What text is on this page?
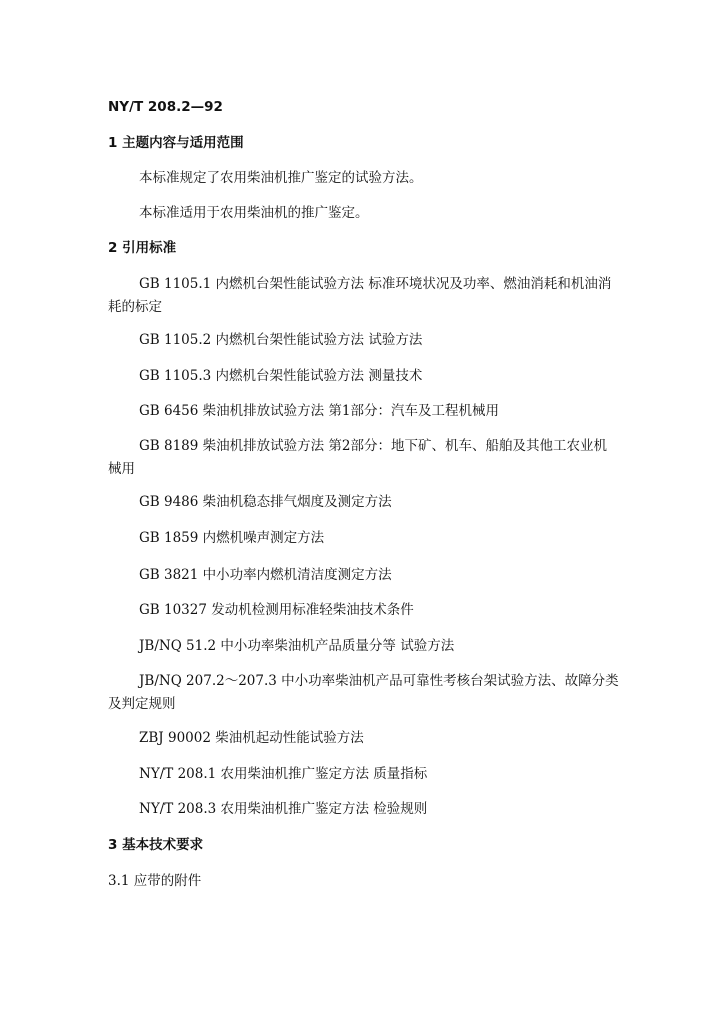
NY/T 208.2—92
1 主题内容与适用范围
本标准规定了农用柴油机推广鉴定的试验方法。
本标准适用于农用柴油机的推广鉴定。
2 引用标准
GB 1105.1 内燃机台架性能试验方法 标准环境状况及功率、燃油消耗和机油消耗的标定
GB 1105.2 内燃机台架性能试验方法 试验方法
GB 1105.3 内燃机台架性能试验方法 测量技术
GB 6456 柴油机排放试验方法 第1部分：汽车及工程机械用
GB 8189 柴油机排放试验方法 第2部分：地下矿、机车、船舶及其他工农业机械用
GB 9486 柴油机稳态排气烟度及测定方法
GB 1859 内燃机噪声测定方法
GB 3821 中小功率内燃机清洁度测定方法
GB 10327 发动机检测用标准轻柴油技术条件
JB/NQ 51.2 中小功率柴油机产品质量分等 试验方法
JB/NQ 207.2～207.3 中小功率柴油机产品可靠性考核台架试验方法、故障分类及判定规则
ZBJ 90002 柴油机起动性能试验方法
NY/T 208.1 农用柴油机推广鉴定方法 质量指标
NY/T 208.3 农用柴油机推广鉴定方法 检验规则
3 基本技术要求
3.1 应带的附件
